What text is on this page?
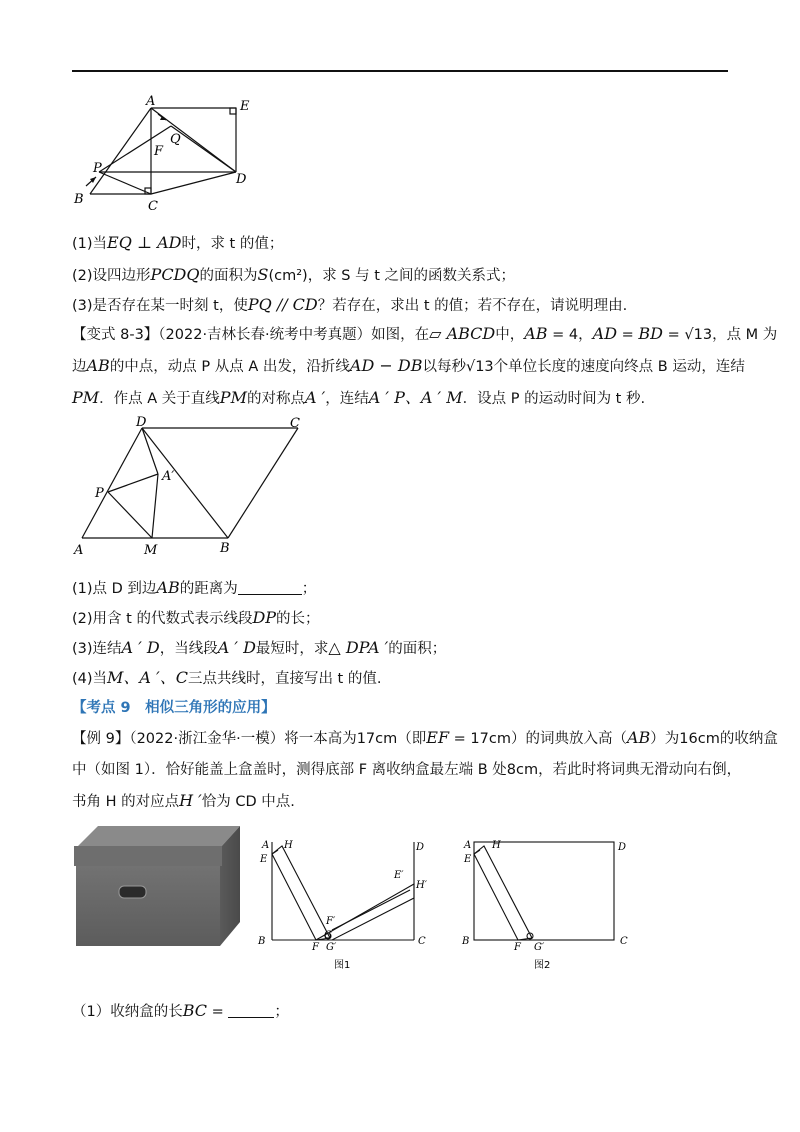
A	E
Q
F
P
D
B	C
(1)当EQ ⊥ AD时，求 t 的值；
(2)设四边形PCDQ的面积为S(cm²)，求 S 与 t 之间的函数关系式；
(3)是否存在某一时刻 t，使PQ // CD？若存在，求出 t 的值；若不存在，请说明理由.
【变式 8-3】（2022·吉林长春·统考中考真题）如图，在▱ ABCD中，AB = 4，AD = BD = √13，点 M 为
边AB的中点，动点 P 从点 A 出发，沿折线AD − DB以每秒√13个单位长度的速度向终点 B 运动，连结
PM．作点 A 关于直线PM的对称点A ′，连结A ′ P、A ′ M．设点 P 的运动时间为 t 秒.
D	C
A′
P
A	M	B
(1)点 D 到边AB的距离为	；
(2)用含 t 的代数式表示线段DP的长；
(3)连结A ′ D，当线段A ′ D最短时，求△ DPA ′的面积；
(4)当M、A ′、C三点共线时，直接写出 t 的值.
【考点 9　相似三角形的应用】
【例 9】（2022·浙江金华·一模）将一本高为17cm（即EF = 17cm）的词典放入高（AB）为16cm的收纳盒
中（如图 1）．恰好能盖上盒盖时，测得底部 F 离收纳盒最左端 B 处8cm，若此时将词典无滑动向右倒，
书角 H 的对应点H ′恰为 CD 中点.
A H
E
D
E′
H′
F′
G
B
F G′
C
图1
A H
E
D
B
F G′
C
图2
（1）收纳盒的长BC =	；
